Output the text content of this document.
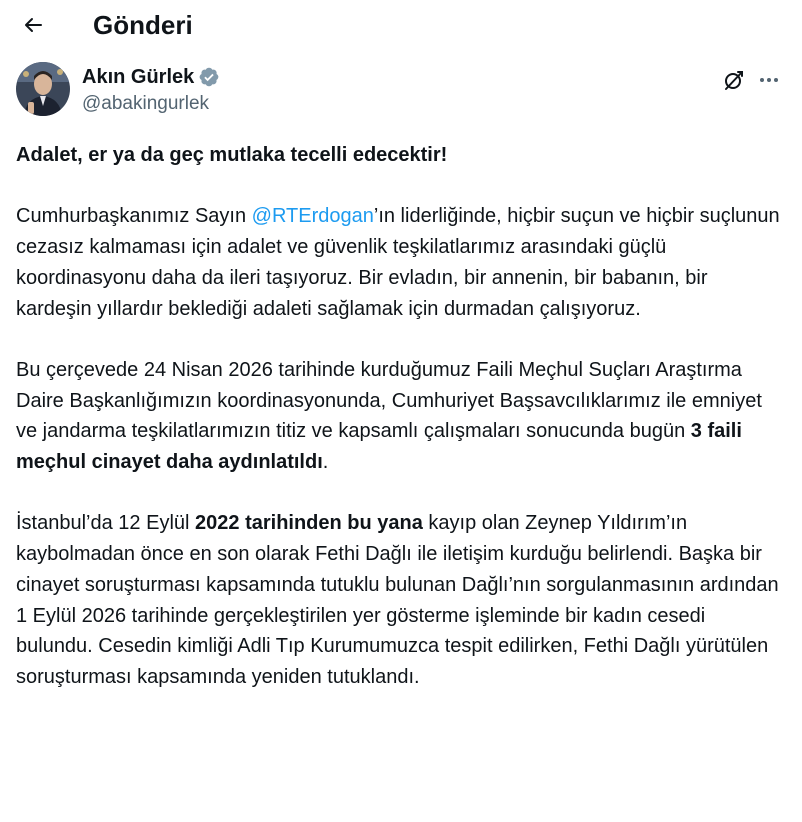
Gönderi
Akın Gürlek
@abakingurlek

Adalet, er ya da geç mutlaka tecelli edecektir!

Cumhurbaşkanımız Sayın @RTErdogan’ın liderliğinde, hiçbir suçun ve hiçbir suçlunun cezasız kalmaması için adalet ve güvenlik teşkilatlarımız arasındaki güçlü koordinasyonu daha da ileri taşıyoruz. Bir evladın, bir annenin, bir babanın, bir kardeşin yıllardır beklediği adaleti sağlamak için durmadan çalışıyoruz.

Bu çerçevede 24 Nisan 2026 tarihinde kurduğumuz Faili Meçhul Suçları Araştırma Daire Başkanlığımızın koordinasyonunda, Cumhuriyet Başsavcılıklarımız ile emniyet ve jandarma teşkilatlarımızın titiz ve kapsamlı çalışmaları sonucunda bugün 3 faili meçhul cinayet daha aydınlatıldı.

İstanbul’da 12 Eylül 2022 tarihinden bu yana kayıp olan Zeynep Yıldırım’ın kaybolmadan önce en son olarak Fethi Dağlı ile iletişim kurduğu belirlendi. Başka bir cinayet soruşturması kapsamında tutuklu bulunan Dağlı’nın sorgulanmasının ardından 1 Eylül 2026 tarihinde gerçekleştirilen yer gösterme işleminde bir kadın cesedi bulundu. Cesedin kimliği Adli Tıp Kurumumuzca tespit edilirken, Fethi Dağlı yürütülen soruşturması kapsamında yeniden tutuklandı.
